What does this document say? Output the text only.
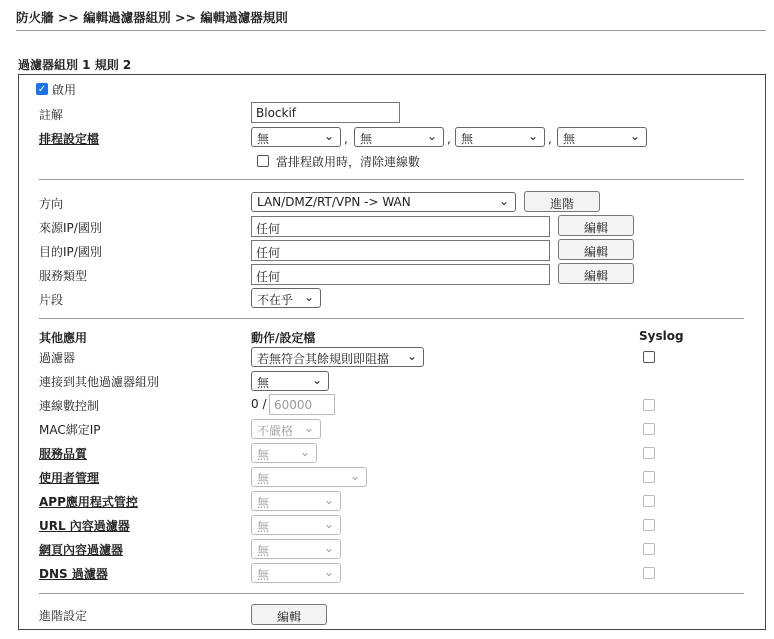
防火牆 >> 編輯過濾器組別 >> 編輯過濾器規則
過濾器組別 1 規則 2
✓ 啟用
註解	Blockif
排程設定檔	無	⌄ ,	無	⌄ , 無	⌄ , 無	⌄
當排程啟用時，清除連線數
方向	LAN/DMZ/RT/VPN -> WAN	⌄	進階
來源IP/國別	任何	編輯
目的IP/國別	任何	編輯
服務類型	任何	編輯
片段	不在乎 ⌄
其他應用	動作/設定檔	Syslog
過濾器	若無符合其餘規則即阻擋 ⌄
連接到其他過濾器組別	無	⌄
連線數控制	0 / 60000
MAC綁定IP	不嚴格 ⌄
服務品質	無	⌄
使用者管理	無	⌄
APP應用程式管控	無	⌄
URL 內容過濾器	無	⌄
網頁內容過濾器	無	⌄
DNS 過濾器	無	⌄
進階設定	編輯
